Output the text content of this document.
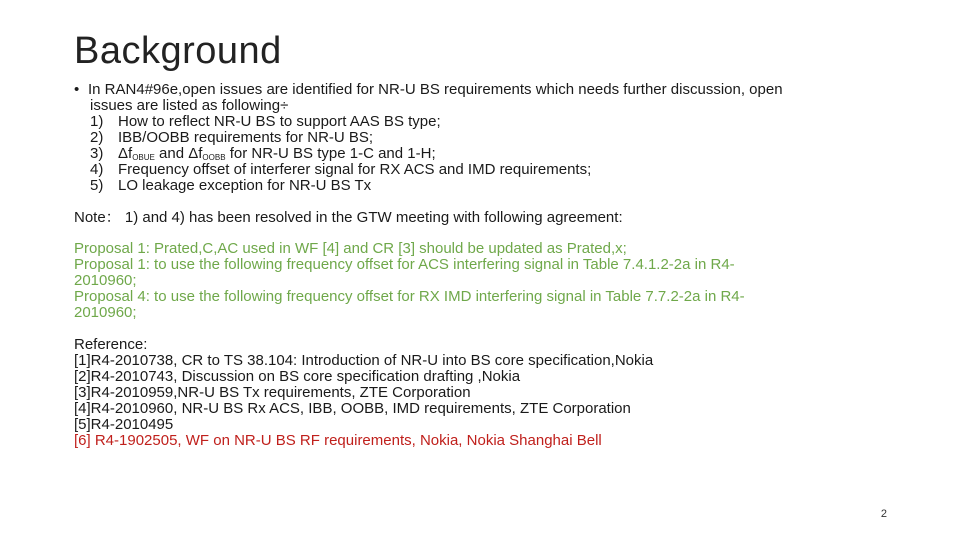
Background
• In RAN4#96e,open issues are identified for NR-U BS requirements which needs further discussion, open
issues are listed as following÷
1) How to reflect NR-U BS to support AAS BS type;
2) IBB/OOBB requirements for NR-U BS;
3) $\Delta f_{OBUE}$ and $\Delta f_{OOBB}$ for NR-U BS type 1-C and 1-H;
4) Frequency offset of interferer signal for RX ACS and IMD requirements;
5) LO leakage exception for NR-U BS Tx
Note： 1) and 4) has been resolved in the GTW meeting with following agreement:
Proposal 1: Prated,C,AC used in WF [4] and CR [3] should be updated as Prated,x;
Proposal 1: to use the following frequency offset for ACS interfering signal in Table 7.4.1.2-2a in R4-
2010960;
Proposal 4: to use the following frequency offset for RX IMD interfering signal in Table 7.7.2-2a in R4-
2010960;
Reference:
[1]R4-2010738, CR to TS 38.104: Introduction of NR-U into BS core specification,Nokia
[2]R4-2010743, Discussion on BS core specification drafting ,Nokia
[3]R4-2010959,NR-U BS Tx requirements, ZTE Corporation
[4]R4-2010960, NR-U BS Rx ACS, IBB, OOBB, IMD requirements, ZTE Corporation
[5]R4-2010495
[6] R4-1902505, WF on NR-U BS RF requirements, Nokia, Nokia Shanghai Bell
2
